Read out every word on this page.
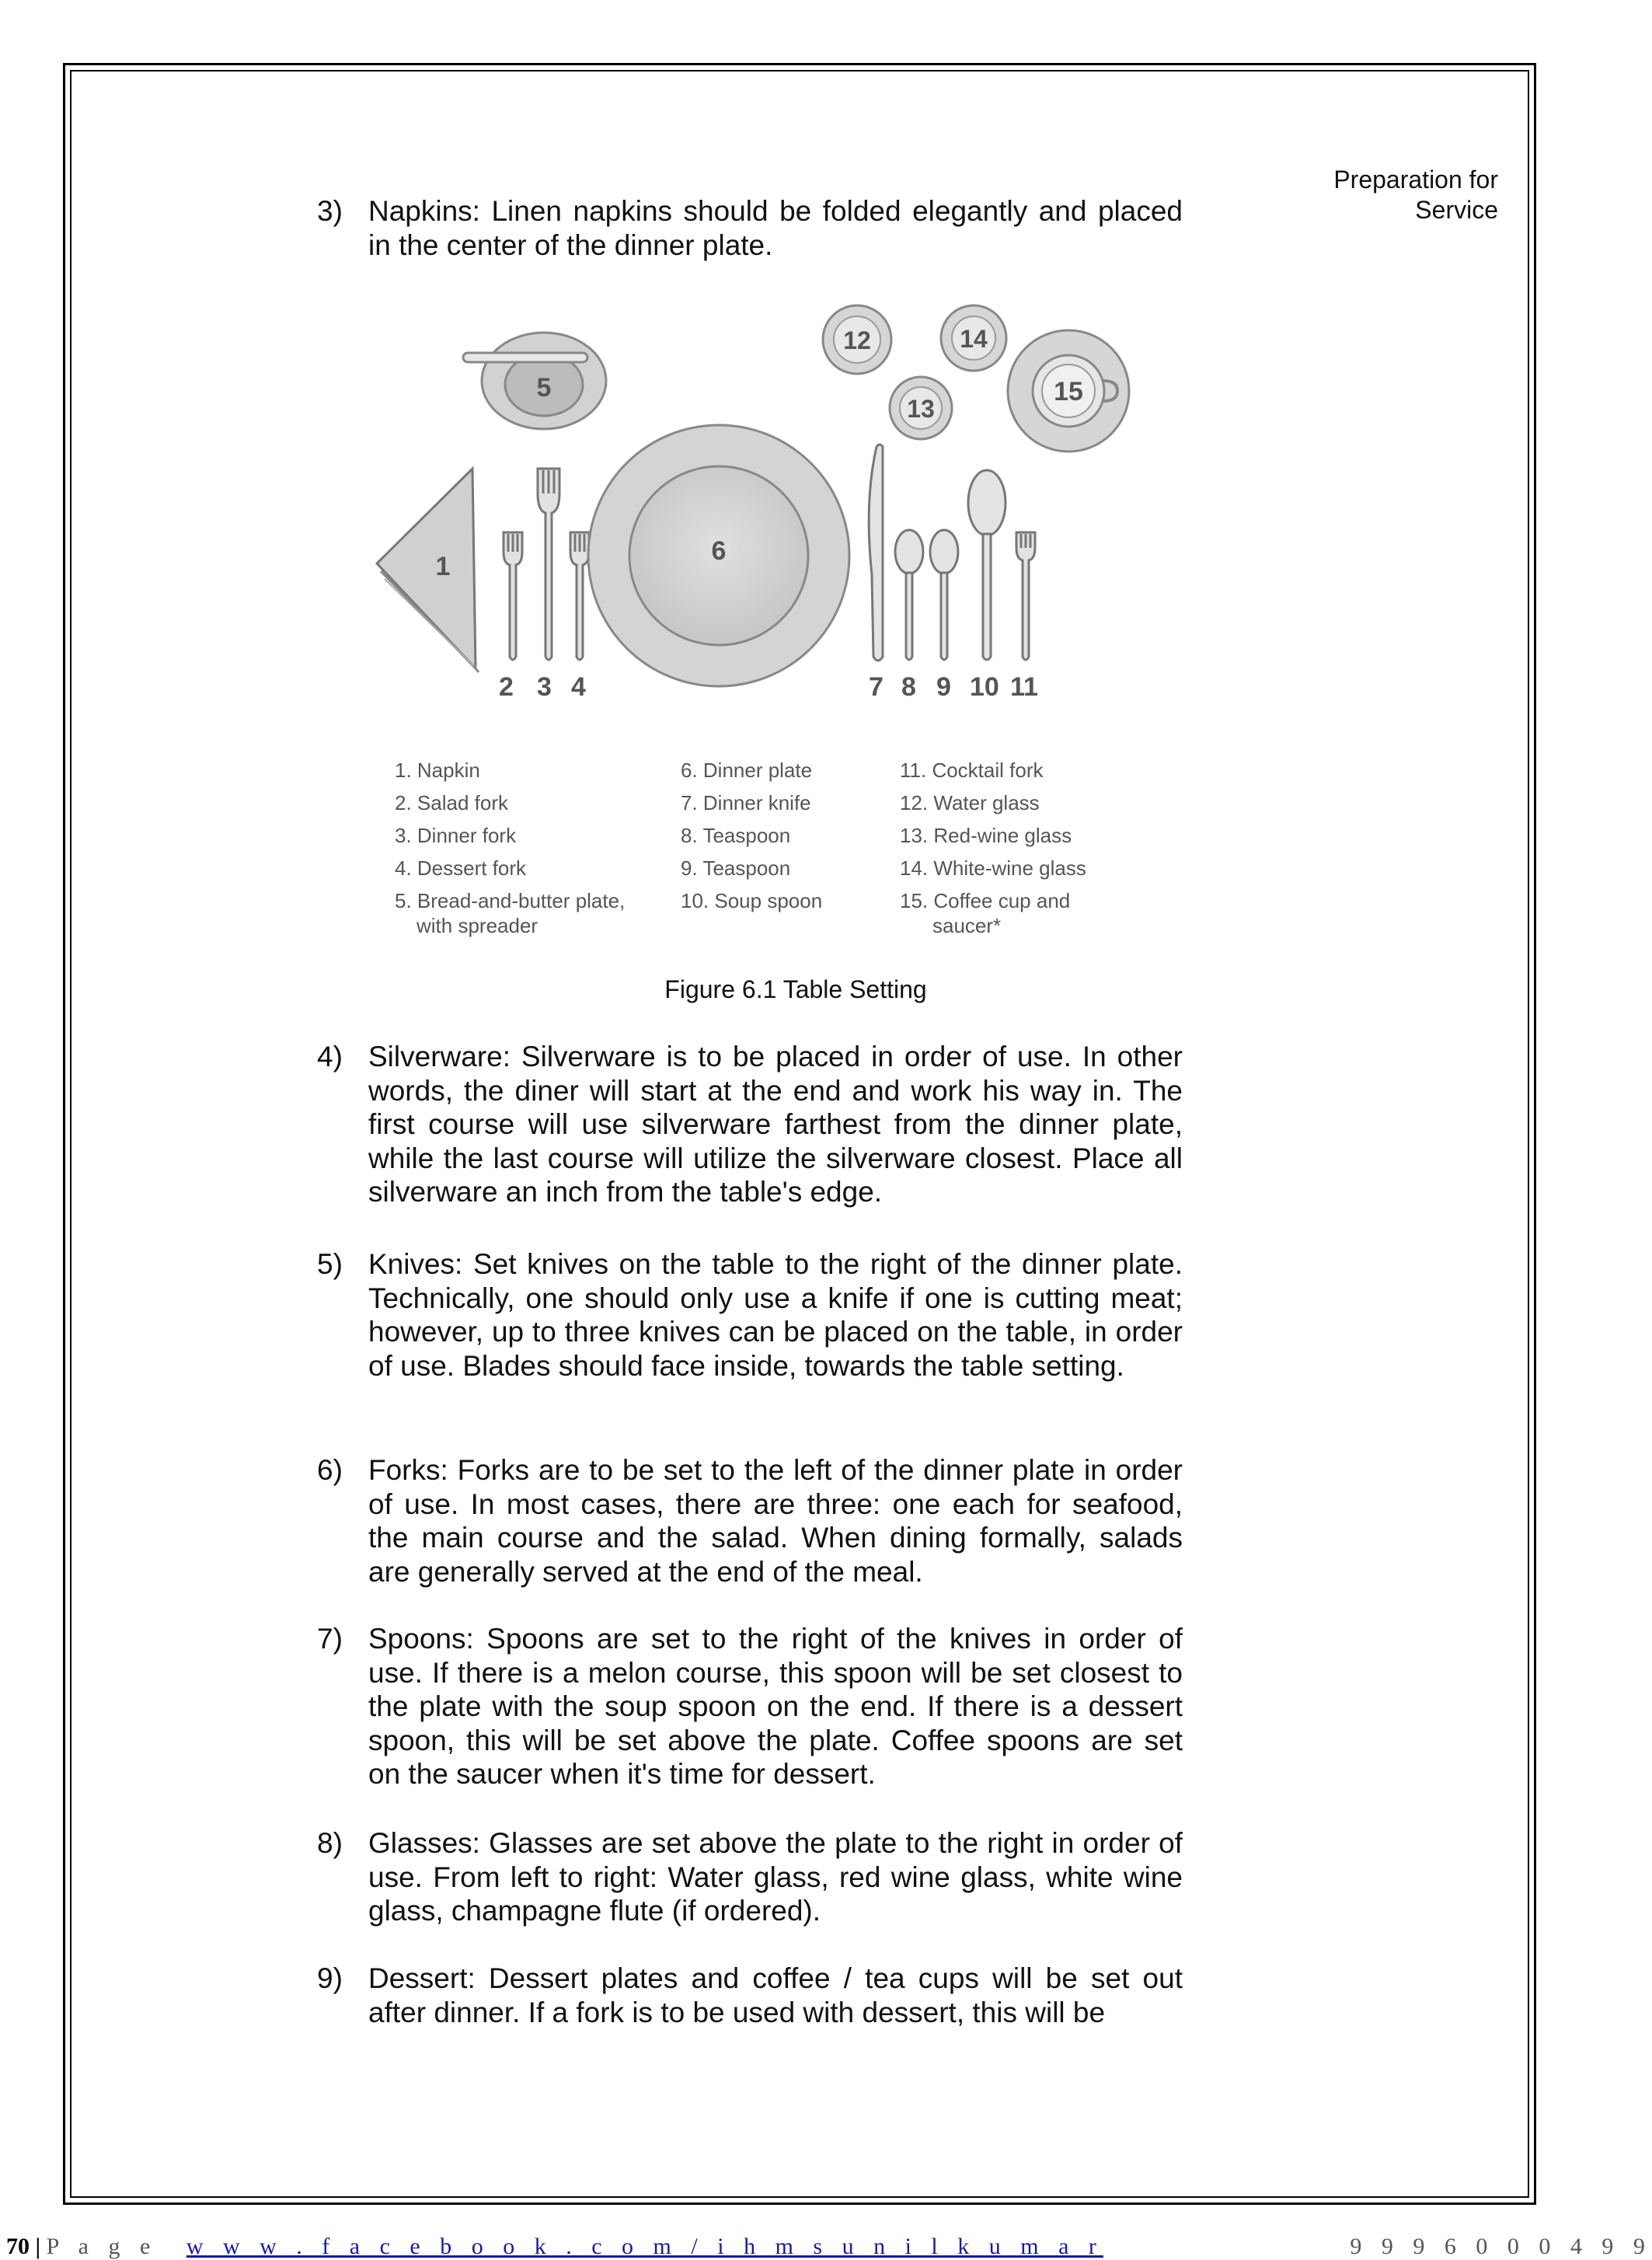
Preparation for
Service
3) Napkins: Linen napkins should be folded elegantly and placed in the center of the dinner plate.
5
1
2 3 4
6
7 8 9 10 11
12
13
14
15
1. Napkin
2. Salad fork
3. Dinner fork
4. Dessert fork
5. Bread-and-butter plate,
with spreader
6. Dinner plate
7. Dinner knife
8. Teaspoon
9. Teaspoon
10. Soup spoon
11. Cocktail fork
12. Water glass
13. Red-wine glass
14. White-wine glass
15. Coffee cup and
saucer*
Figure 6.1 Table Setting
4) Silverware: Silverware is to be placed in order of use. In other words, the diner will start at the end and work his way in. The first course will use silverware farthest from the dinner plate, while the last course will utilize the silverware closest. Place all silverware an inch from the table's edge.
5) Knives: Set knives on the table to the right of the dinner plate. Technically, one should only use a knife if one is cutting meat; however, up to three knives can be placed on the table, in order of use. Blades should face inside, towards the table setting.
6) Forks: Forks are to be set to the left of the dinner plate in order of use. In most cases, there are three: one each for seafood, the main course and the salad. When dining formally, salads are generally served at the end of the meal.
7) Spoons: Spoons are set to the right of the knives in order of use. If there is a melon course, this spoon will be set closest to the plate with the soup spoon on the end. If there is a dessert spoon, this will be set above the plate. Coffee spoons are set on the saucer when it's time for dessert.
8) Glasses: Glasses are set above the plate to the right in order of use. From left to right: Water glass, red wine glass, white wine glass, champagne flute (if ordered).
9) Dessert: Dessert plates and coffee / tea cups will be set out after dinner. If a fork is to be used with dessert, this will be
70 | P a g e w w w . f a c e b o o k . c o m / i h m s u n i l k u m a r	9 9 9 6 0 0 0 4 9 9
